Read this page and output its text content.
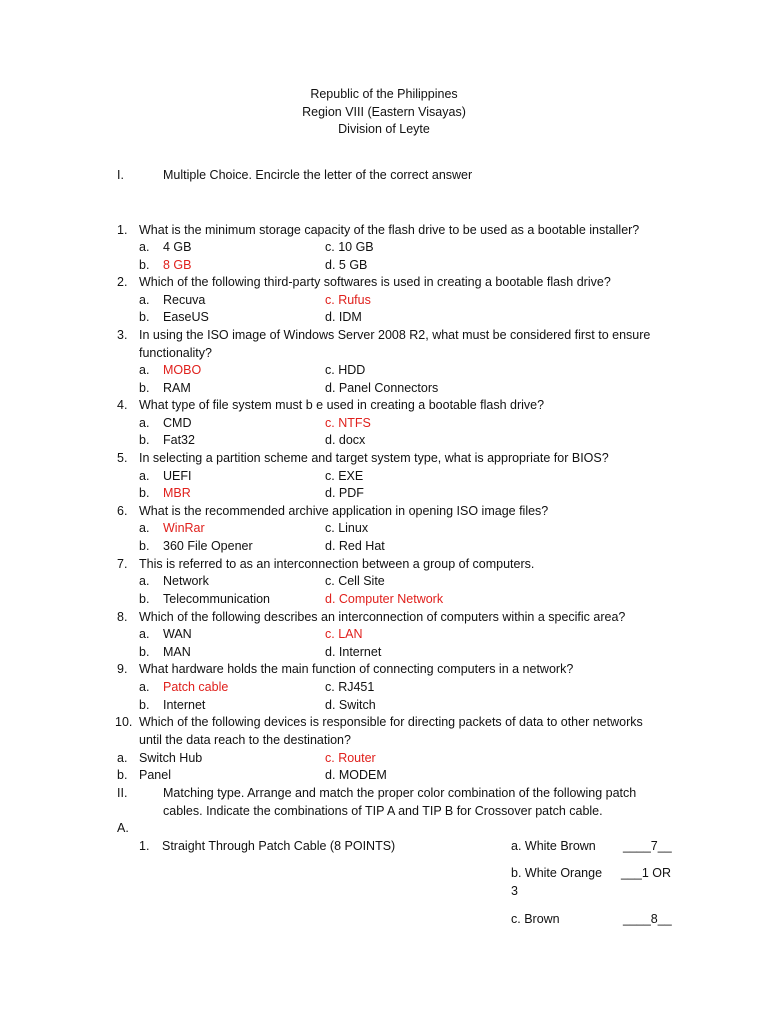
Republic of the Philippines
Region VIII (Eastern Visayas)
Division of Leyte
I.	Multiple Choice. Encircle the letter of the correct answer
1. What is the minimum storage capacity of the flash drive to be used as a bootable installer?
a. 4 GB	c. 10 GB
b. 8 GB	d. 5 GB
2. Which of the following third-party softwares is used in creating a bootable flash drive?
a. Recuva	c. Rufus
b. EaseUS	d. IDM
3. In using the ISO image of Windows Server 2008 R2, what must be considered first to ensure
functionality?
a. MOBO	c. HDD
b. RAM	d. Panel Connectors
4. What type of file system must b e used in creating a bootable flash drive?
a. CMD	c. NTFS
b. Fat32	d. docx
5. In selecting a partition scheme and target system type, what is appropriate for BIOS?
a. UEFI	c. EXE
b. MBR	d. PDF
6. What is the recommended archive application in opening ISO image files?
a. WinRar	c. Linux
b. 360 File Opener	d. Red Hat
7. This is referred to as an interconnection between a group of computers.
a. Network	c. Cell Site
b. Telecommunication	d. Computer Network
8. Which of the following describes an interconnection of computers within a specific area?
a. WAN	c. LAN
b. MAN	d. Internet
9. What hardware holds the main function of connecting computers in a network?
a. Patch cable	c. RJ451
b. Internet	d. Switch
10. Which of the following devices is responsible for directing packets of data to other networks
until the data reach to the destination?
a. Switch Hub	c. Router
b. Panel	d. MODEM
II.	Matching type. Arrange and match the proper color combination of the following patch
cables. Indicate the combinations of TIP A and TIP B for Crossover patch cable.
A.
1. Straight Through Patch Cable (8 POINTS)	a. White Brown ____7__
b. White Orange ___1 OR
3
c. Brown	____8__
